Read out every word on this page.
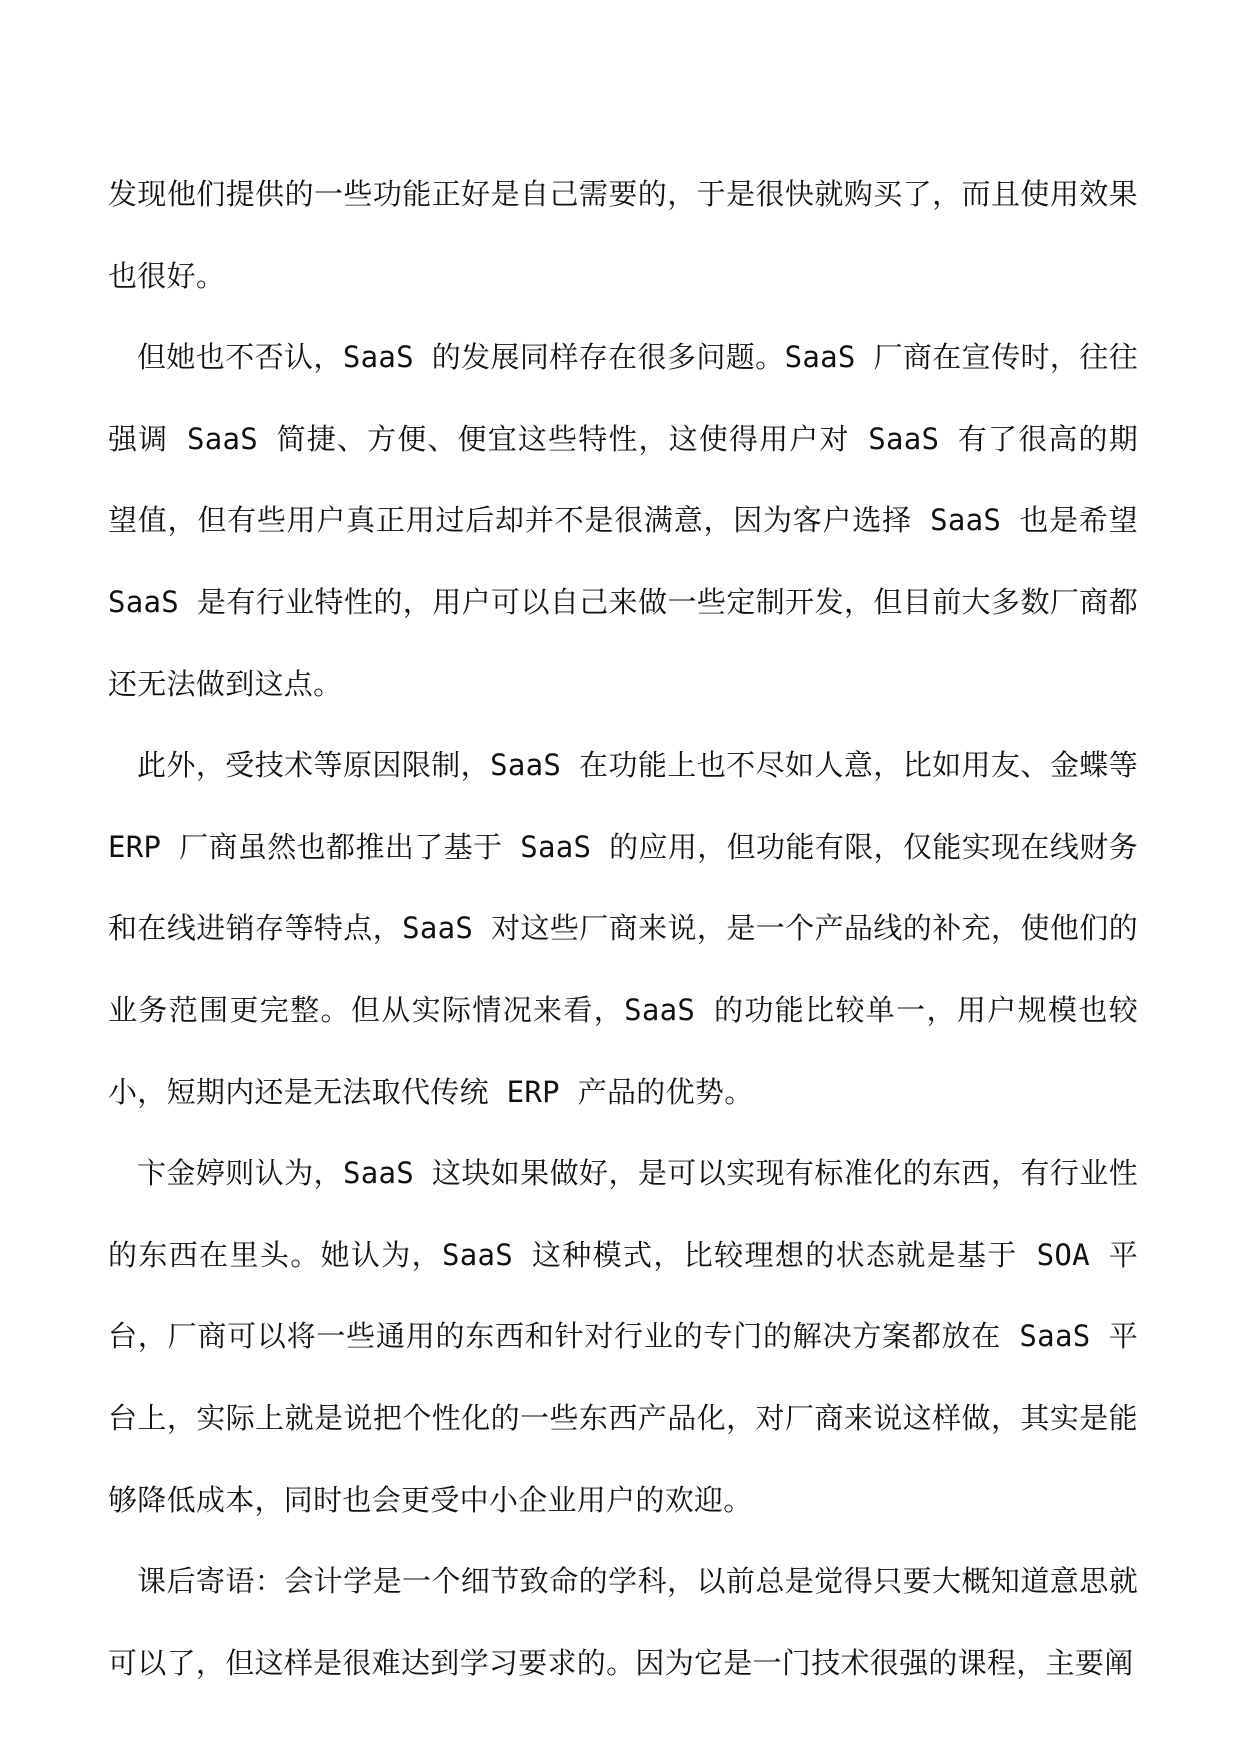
发现他们提供的一些功能正好是自己需要的，于是很快就购买了，而且使用效果也很好。

但她也不否认，SaaS 的发展同样存在很多问题。SaaS 厂商在宣传时，往往强调 SaaS 简捷、方便、便宜这些特性，这使得用户对 SaaS 有了很高的期望值，但有些用户真正用过后却并不是很满意，因为客户选择 SaaS 也是希望 SaaS 是有行业特性的，用户可以自己来做一些定制开发，但目前大多数厂商都还无法做到这点。

此外，受技术等原因限制，SaaS 在功能上也不尽如人意，比如用友、金蝶等 ERP 厂商虽然也都推出了基于 SaaS 的应用，但功能有限，仅能实现在线财务和在线进销存等特点，SaaS 对这些厂商来说，是一个产品线的补充，使他们的业务范围更完整。但从实际情况来看，SaaS 的功能比较单一，用户规模也较小，短期内还是无法取代传统 ERP 产品的优势。

卞金婷则认为，SaaS 这块如果做好，是可以实现有标准化的东西，有行业性的东西在里头。她认为，SaaS 这种模式，比较理想的状态就是基于 SOA 平台，厂商可以将一些通用的东西和针对行业的专门的解决方案都放在 SaaS 平台上，实际上就是说把个性化的一些东西产品化，对厂商来说这样做，其实是能够降低成本，同时也会更受中小企业用户的欢迎。

课后寄语：会计学是一个细节致命的学科，以前总是觉得只要大概知道意思就可以了，但这样是很难达到学习要求的。因为它是一门技术很强的课程，主要阐
